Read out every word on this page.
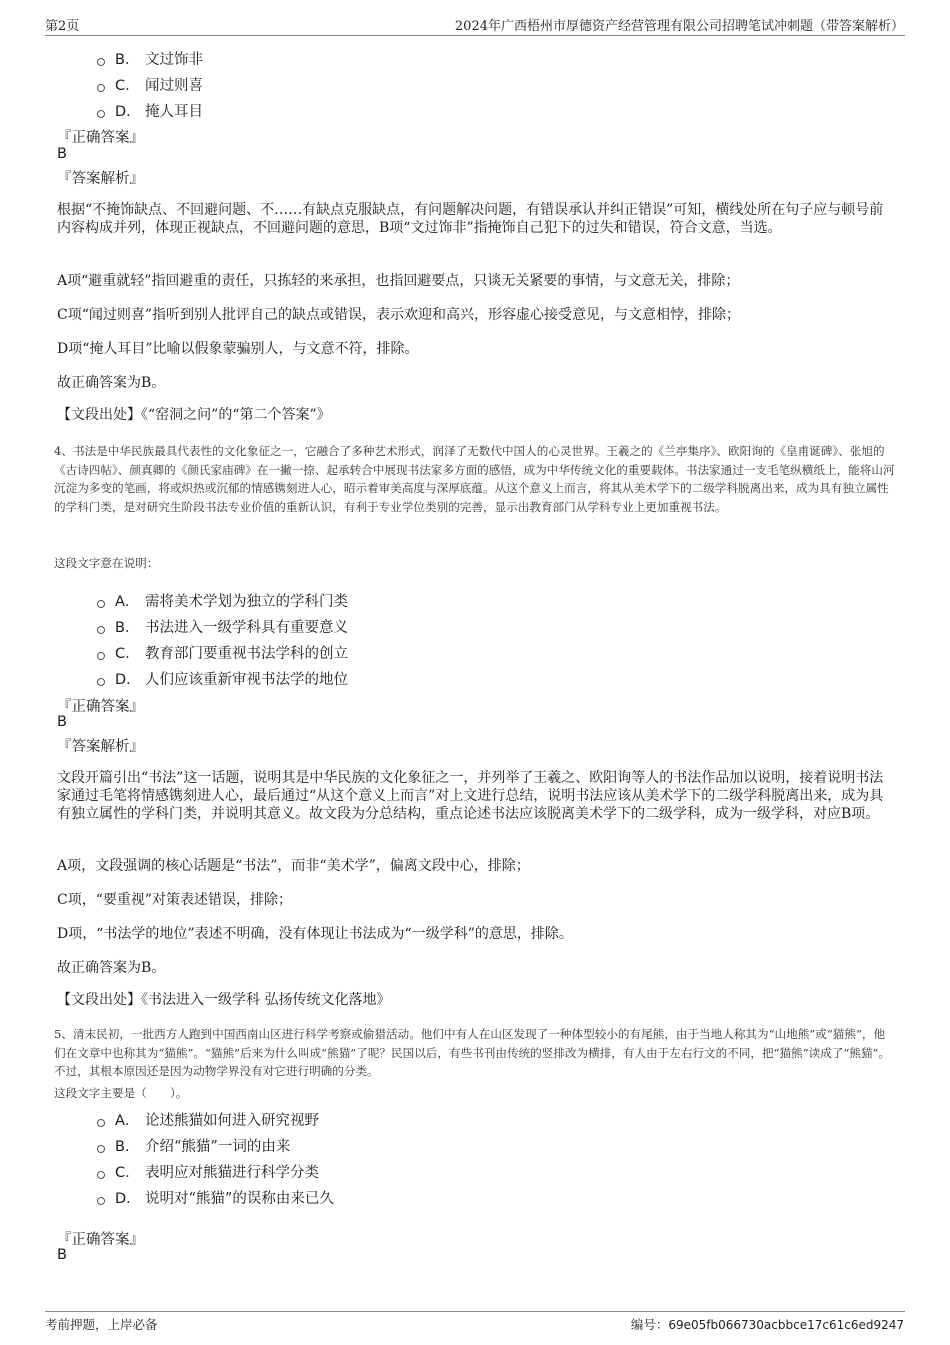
第2页	2024年广西梧州市厚德资产经营管理有限公司招聘笔试冲刺题（带答案解析）
B． 文过饰非
C． 闻过则喜
D． 掩人耳目
『正确答案』
B
『答案解析』
根据“不掩饰缺点、不回避问题、不……有缺点克服缺点，有问题解决问题，有错误承认并纠正错误”可知，横线处所在句子应与顿号前内容构成并列，体现正视缺点，不回避问题的意思，B项“文过饰非”指掩饰自己犯下的过失和错误，符合文意，当选。
A项“避重就轻”指回避重的责任，只拣轻的来承担，也指回避要点，只谈无关紧要的事情，与文意无关，排除；
C项“闻过则喜”指听到别人批评自己的缺点或错误，表示欢迎和高兴，形容虚心接受意见，与文意相悖，排除；
D项“掩人耳目”比喻以假象蒙骗别人，与文意不符，排除。
故正确答案为B。
【文段出处】《“窑洞之问”的“第二个答案”》
4、书法是中华民族最具代表性的文化象征之一，它融合了多种艺术形式，润泽了无数代中国人的心灵世界。王羲之的《兰亭集序》、欧阳询的《皇甫诞碑》、张旭的《古诗四帖》、颜真卿的《颜氏家庙碑》在一撇一捺、起承转合中展现书法家多方面的感悟，成为中华传统文化的重要载体。书法家通过一支毛笔纵横纸上，能将山河沉淀为多变的笔画，将或炽热或沉郁的情感镌刻进人心，昭示着审美高度与深厚底蕴。从这个意义上而言，将其从美术学下的二级学科脱离出来，成为具有独立属性的学科门类，是对研究生阶段书法专业价值的重新认识，有利于专业学位类别的完善，显示出教育部门从学科专业上更加重视书法。
这段文字意在说明：
A． 需将美术学划为独立的学科门类
B． 书法进入一级学科具有重要意义
C． 教育部门要重视书法学科的创立
D． 人们应该重新审视书法学的地位
『正确答案』
B
『答案解析』
文段开篇引出“书法”这一话题，说明其是中华民族的文化象征之一，并列举了王羲之、欧阳询等人的书法作品加以说明，接着说明书法家通过毛笔将情感镌刻进人心，最后通过“从这个意义上而言”对上文进行总结，说明书法应该从美术学下的二级学科脱离出来，成为具有独立属性的学科门类，并说明其意义。故文段为分总结构，重点论述书法应该脱离美术学下的二级学科，成为一级学科，对应B项。
A项，文段强调的核心话题是“书法”，而非“美术学”，偏离文段中心，排除；
C项，“要重视”对策表述错误，排除；
D项，“书法学的地位”表述不明确，没有体现让书法成为“一级学科”的意思，排除。
故正确答案为B。
【文段出处】《书法进入一级学科 弘扬传统文化落地》
5、清末民初，一批西方人跑到中国西南山区进行科学考察或偷猎活动。他们中有人在山区发现了一种体型较小的有尾熊，由于当地人称其为“山地熊”或“猫熊”，他们在文章中也称其为“猫熊”。“猫熊”后来为什么叫成“熊猫”了呢？民国以后，有些书刊由传统的竖排改为横排，有人由于左右行文的不同，把“猫熊”读成了“熊猫”。不过，其根本原因还是因为动物学界没有对它进行明确的分类。
这段文字主要是（　　）。
A． 论述熊猫如何进入研究视野
B． 介绍“熊猫”一词的由来
C． 表明应对熊猫进行科学分类
D． 说明对“熊猫”的误称由来已久
『正确答案』
B
考前押题，上岸必备	编号：69e05fb066730acbbce17c61c6ed9247
